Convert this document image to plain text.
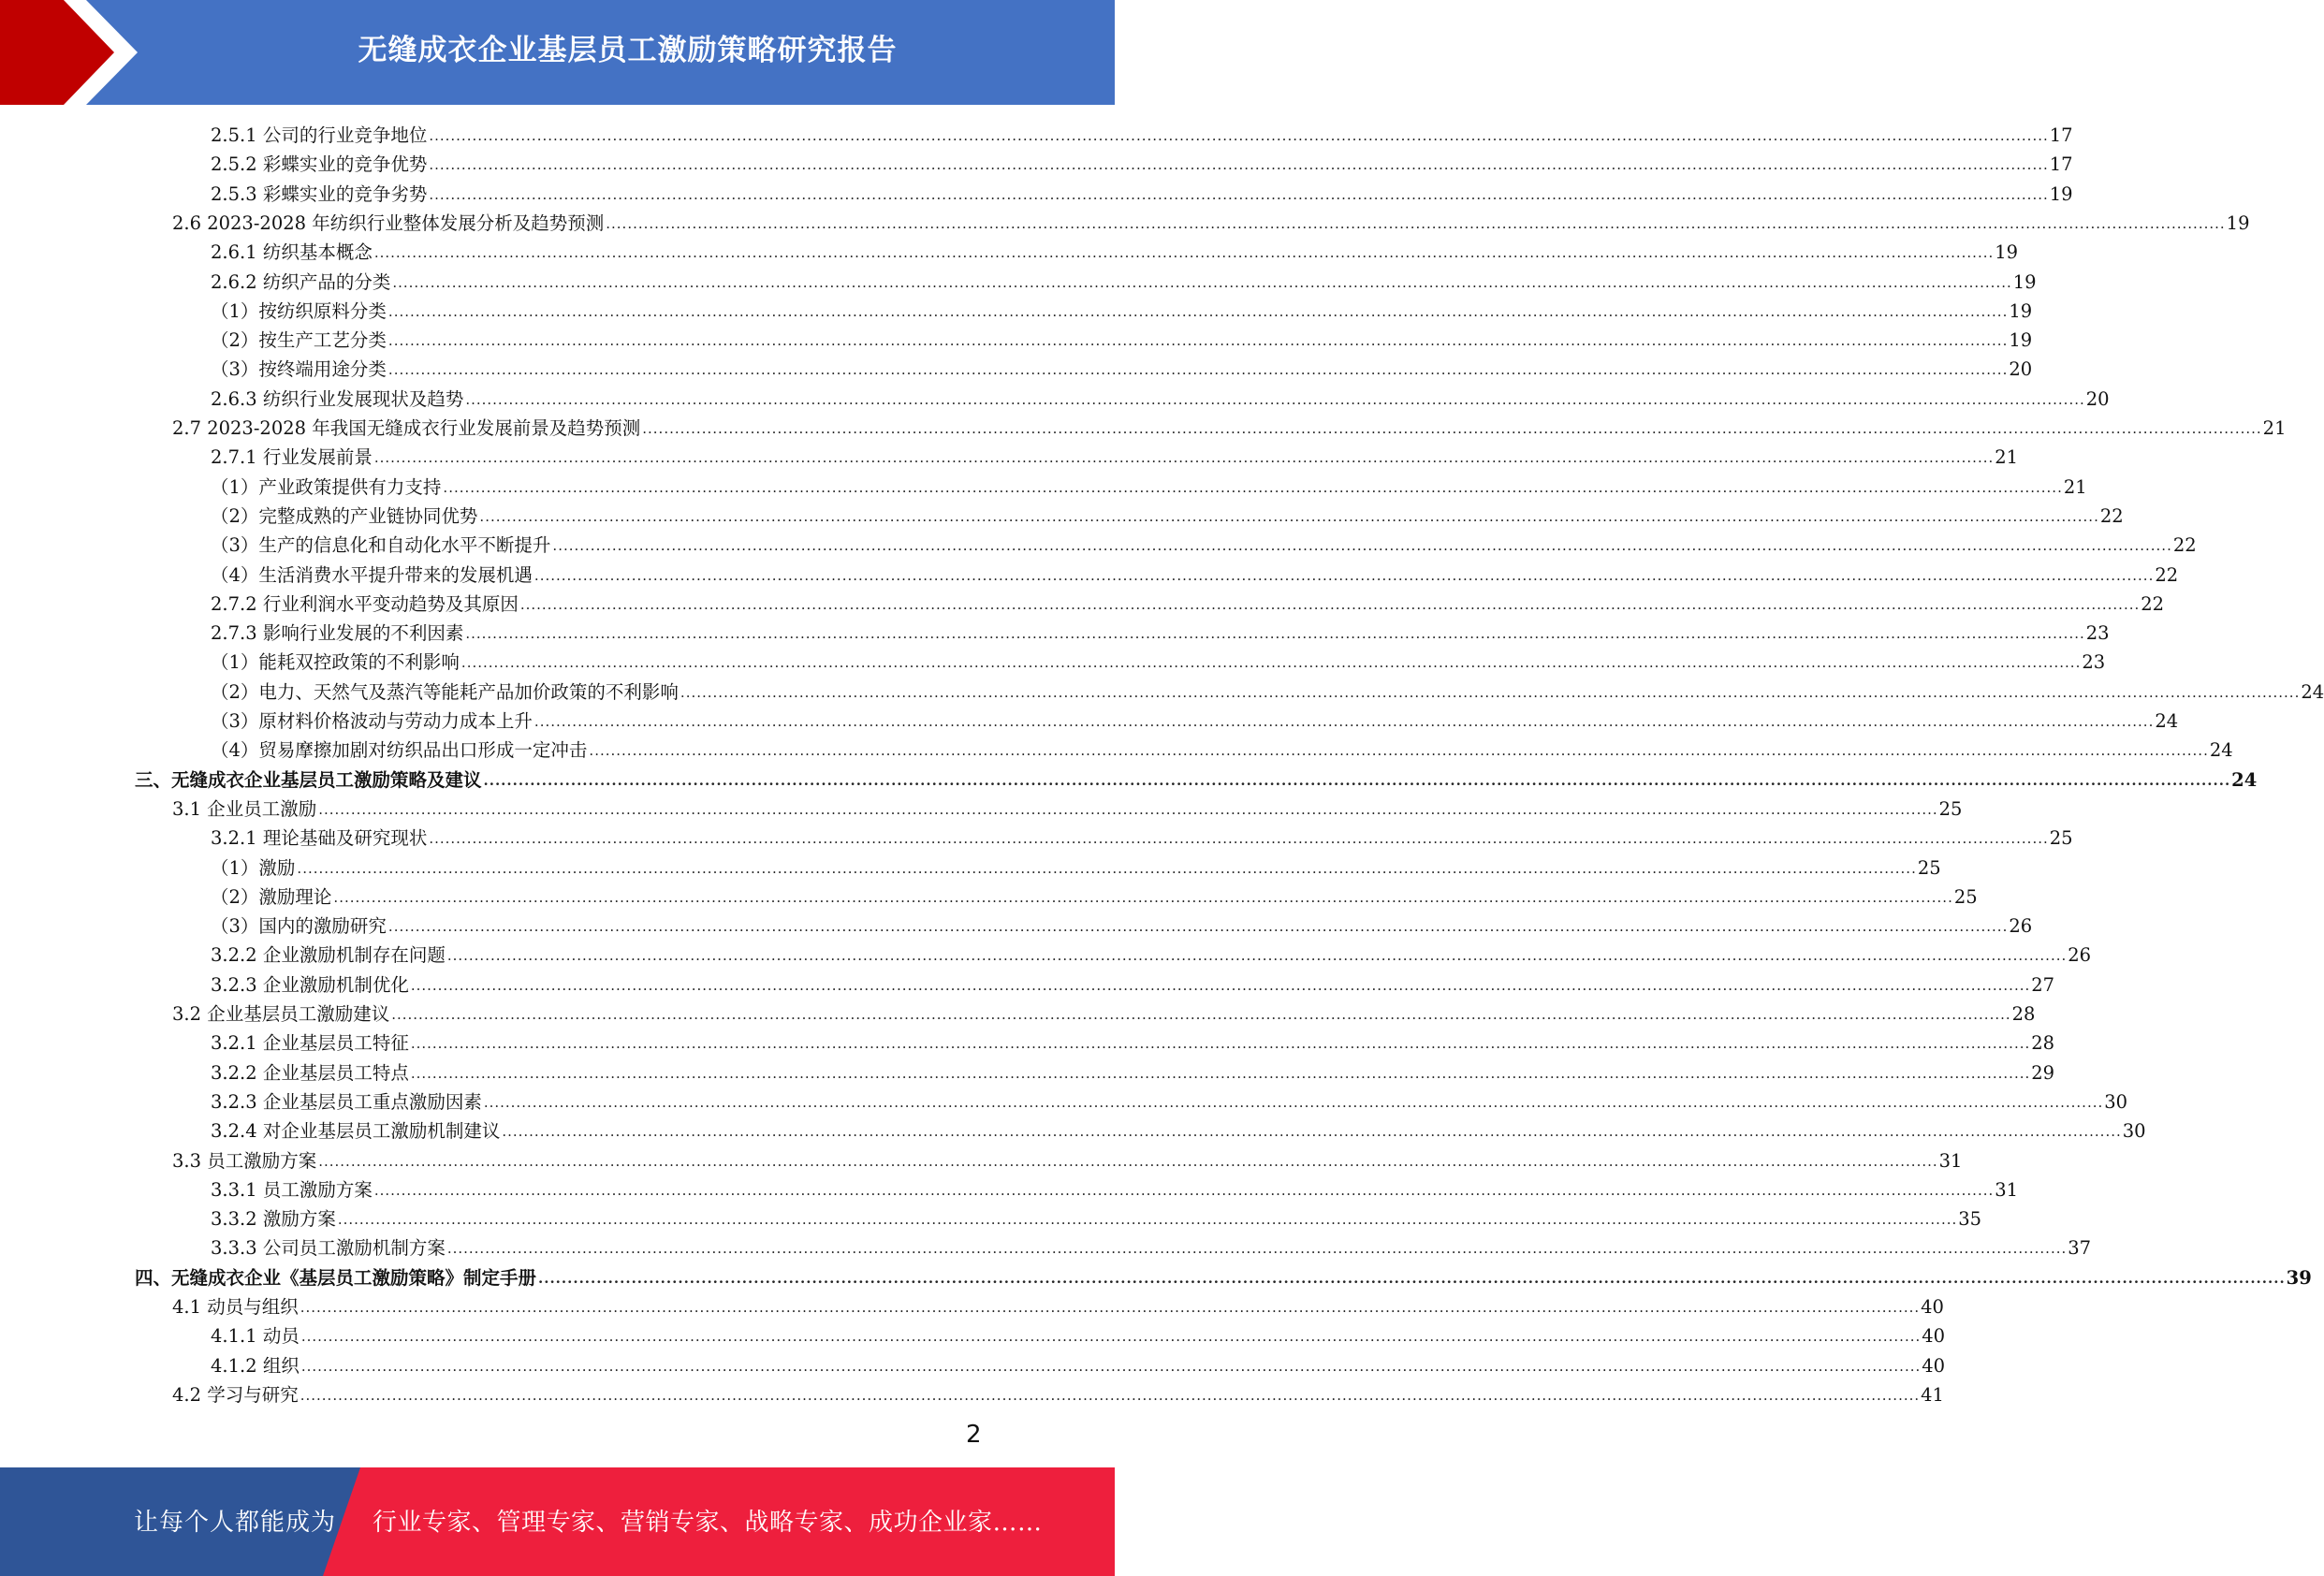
无缝成衣企业基层员工激励策略研究报告
2.5.1 公司的行业竞争地位 ............................................................................................................................................................................................................................................................................................................ 17
2.5.2 彩蝶实业的竞争优势 ............................................................................................................................................................................................................................................................................................................ 17
2.5.3 彩蝶实业的竞争劣势 ............................................................................................................................................................................................................................................................................................................ 19
2.6 2023-2028 年纺织行业整体发展分析及趋势预测 ............................................................................................................................................................................................................................................................................................................ 19
2.6.1 纺织基本概念 ............................................................................................................................................................................................................................................................................................................ 19
2.6.2 纺织产品的分类 ............................................................................................................................................................................................................................................................................................................ 19
（1）按纺织原料分类 ............................................................................................................................................................................................................................................................................................................ 19
（2）按生产工艺分类 ............................................................................................................................................................................................................................................................................................................ 19
（3）按终端用途分类 ............................................................................................................................................................................................................................................................................................................ 20
2.6.3 纺织行业发展现状及趋势 ............................................................................................................................................................................................................................................................................................................ 20
2.7 2023-2028 年我国无缝成衣行业发展前景及趋势预测 ............................................................................................................................................................................................................................................................................................................ 21
2.7.1 行业发展前景 ............................................................................................................................................................................................................................................................................................................ 21
（1）产业政策提供有力支持 ............................................................................................................................................................................................................................................................................................................ 21
（2）完整成熟的产业链协同优势 ............................................................................................................................................................................................................................................................................................................ 22
（3）生产的信息化和自动化水平不断提升 ............................................................................................................................................................................................................................................................................................................ 22
（4）生活消费水平提升带来的发展机遇 ............................................................................................................................................................................................................................................................................................................ 22
2.7.2 行业利润水平变动趋势及其原因 ............................................................................................................................................................................................................................................................................................................ 22
2.7.3 影响行业发展的不利因素 ............................................................................................................................................................................................................................................................................................................ 23
（1）能耗双控政策的不利影响 ............................................................................................................................................................................................................................................................................................................ 23
（2）电力、天然气及蒸汽等能耗产品加价政策的不利影响 ............................................................................................................................................................................................................................................................................................................ 24
（3）原材料价格波动与劳动力成本上升 ............................................................................................................................................................................................................................................................................................................ 24
（4）贸易摩擦加剧对纺织品出口形成一定冲击 ............................................................................................................................................................................................................................................................................................................ 24
三、无缝成衣企业基层员工激励策略及建议 ............................................................................................................................................................................................................................................................................................................ 24
3.1 企业员工激励 ............................................................................................................................................................................................................................................................................................................ 25
3.2.1 理论基础及研究现状 ............................................................................................................................................................................................................................................................................................................ 25
（1）激励 ............................................................................................................................................................................................................................................................................................................ 25
（2）激励理论 ............................................................................................................................................................................................................................................................................................................ 25
（3）国内的激励研究 ............................................................................................................................................................................................................................................................................................................ 26
3.2.2 企业激励机制存在问题 ............................................................................................................................................................................................................................................................................................................ 26
3.2.3 企业激励机制优化 ............................................................................................................................................................................................................................................................................................................ 27
3.2 企业基层员工激励建议 ............................................................................................................................................................................................................................................................................................................ 28
3.2.1 企业基层员工特征 ............................................................................................................................................................................................................................................................................................................ 28
3.2.2 企业基层员工特点 ............................................................................................................................................................................................................................................................................................................ 29
3.2.3 企业基层员工重点激励因素 ............................................................................................................................................................................................................................................................................................................ 30
3.2.4 对企业基层员工激励机制建议 ............................................................................................................................................................................................................................................................................................................ 30
3.3 员工激励方案 ............................................................................................................................................................................................................................................................................................................ 31
3.3.1 员工激励方案 ............................................................................................................................................................................................................................................................................................................ 31
3.3.2 激励方案 ............................................................................................................................................................................................................................................................................................................ 35
3.3.3 公司员工激励机制方案 ............................................................................................................................................................................................................................................................................................................ 37
四、无缝成衣企业《基层员工激励策略》制定手册 ............................................................................................................................................................................................................................................................................................................ 39
4.1 动员与组织 ............................................................................................................................................................................................................................................................................................................ 40
4.1.1 动员 ............................................................................................................................................................................................................................................................................................................ 40
4.1.2 组织 ............................................................................................................................................................................................................................................................................................................ 40
4.2 学习与研究 ............................................................................................................................................................................................................................................................................................................ 41
2
让每个人都能成为 行业专家、管理专家、营销专家、战略专家、成功企业家……
